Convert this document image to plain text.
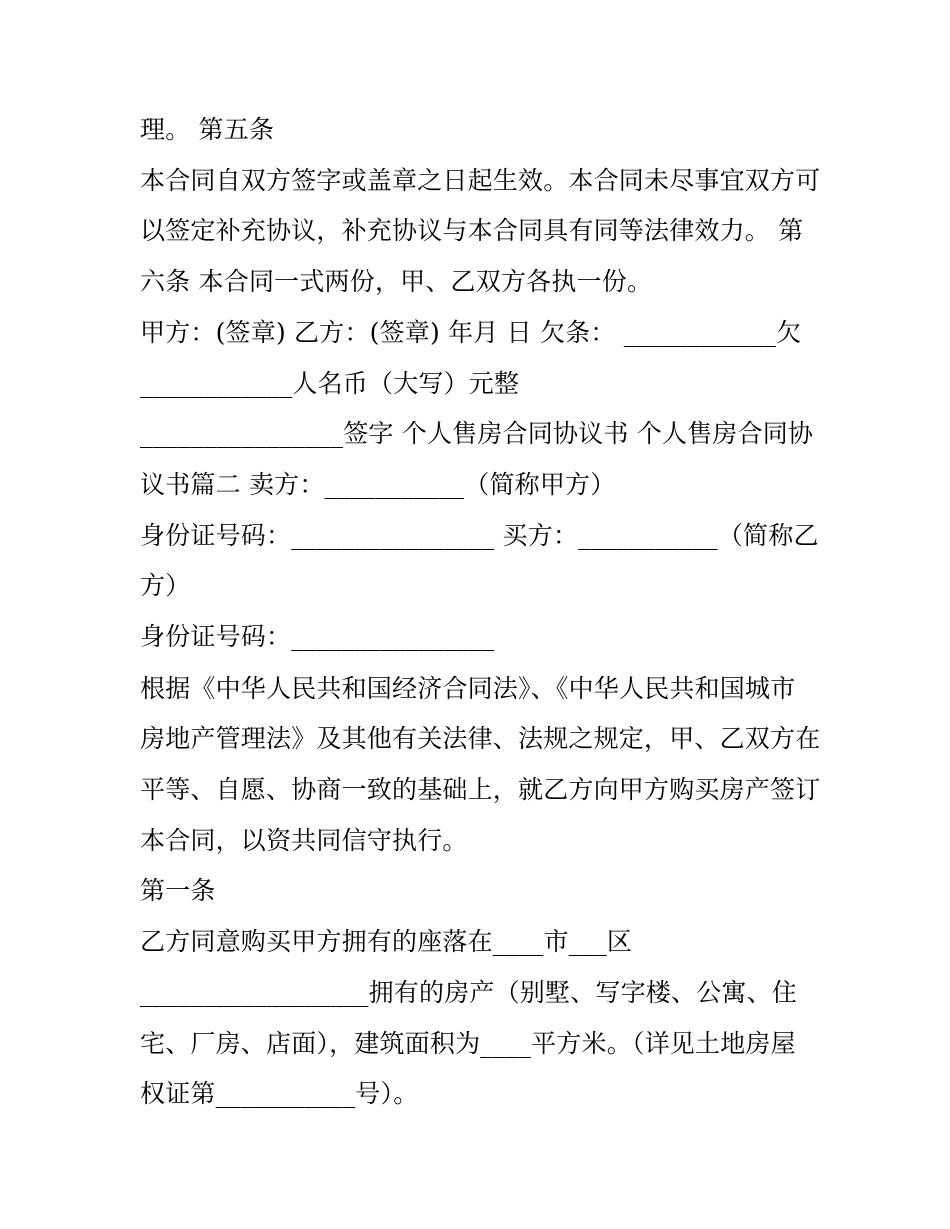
理。 第五条
本合同自双方签字或盖章之日起生效。本合同未尽事宜双方可
以签定补充协议，补充协议与本合同具有同等法律效力。 第
六条 本合同一式两份，甲、乙双方各执一份。
甲方：(签章) 乙方：(签章) 年月 日 欠条： ____________欠
____________人名币（大写）元整
________________签字 个人售房合同协议书 个人售房合同协
议书篇二 卖方：___________（简称甲方）
身份证号码：________________ 买方：___________（简称乙
方）
身份证号码：________________
根据《中华人民共和国经济合同法》、《中华人民共和国城市
房地产管理法》及其他有关法律、法规之规定，甲、乙双方在
平等、自愿、协商一致的基础上，就乙方向甲方购买房产签订
本合同，以资共同信守执行。
第一条
乙方同意购买甲方拥有的座落在____市___区
__________________拥有的房产（别墅、写字楼、公寓、住
宅、厂房、店面），建筑面积为____平方米。（详见土地房屋
权证第___________号）。
